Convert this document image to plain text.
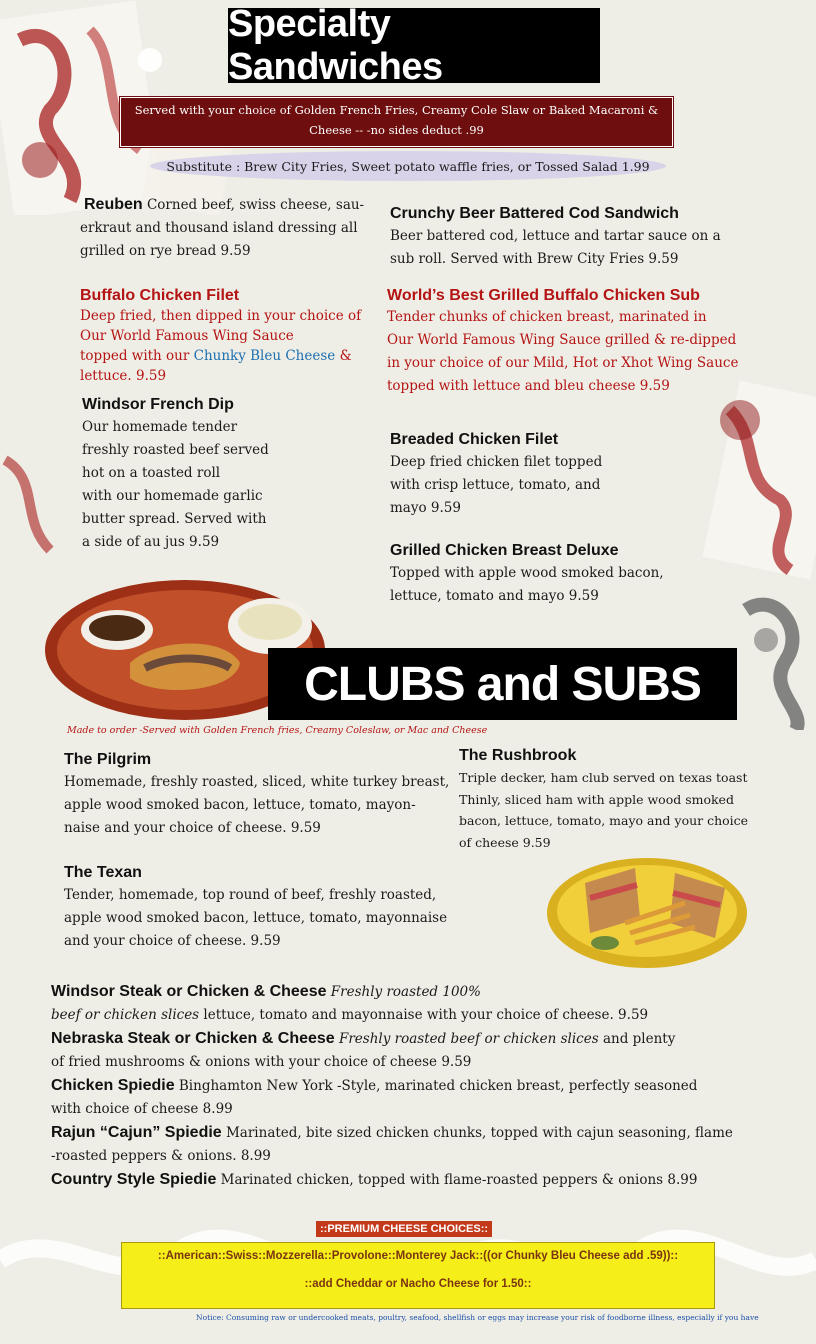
Specialty Sandwiches
Served with your choice of Golden French Fries, Creamy Cole Slaw or Baked Macaroni &
Cheese -- -no sides deduct .99
Substitute : Brew City Fries, Sweet potato waffle fries, or Tossed Salad 1.99
Reuben Corned beef, swiss cheese, sau-
erkraut and thousand island dressing all
grilled on rye bread 9.59
Crunchy Beer Battered Cod Sandwich
Beer battered cod, lettuce and tartar sauce on a
sub roll. Served with Brew City Fries 9.59
Buffalo Chicken Filet
Deep fried, then dipped in your choice of
Our World Famous Wing Sauce
topped with our Chunky Bleu Cheese &
lettuce. 9.59
World’s Best Grilled Buffalo Chicken Sub
Tender chunks of chicken breast, marinated in
Our World Famous Wing Sauce grilled & re-dipped
in your choice of our Mild, Hot or Xhot Wing Sauce
topped with lettuce and bleu cheese 9.59
Windsor French Dip
Our homemade tender
freshly roasted beef served
hot on a toasted roll
with our homemade garlic
butter spread. Served with
a side of au jus 9.59
Breaded Chicken Filet
Deep fried chicken filet topped
with crisp lettuce, tomato, and
mayo 9.59
Grilled Chicken Breast Deluxe
Topped with apple wood smoked bacon,
lettuce, tomato and mayo 9.59
CLUBS and SUBS
Made to order -Served with Golden French fries, Creamy Coleslaw, or Mac and Cheese
The Pilgrim
Homemade, freshly roasted, sliced, white turkey breast,
apple wood smoked bacon, lettuce, tomato, mayon-
naise and your choice of cheese. 9.59
The Rushbrook
Triple decker, ham club served on texas toast
Thinly, sliced ham with apple wood smoked
bacon, lettuce, tomato, mayo and your choice
of cheese 9.59
The Texan
Tender, homemade, top round of beef, freshly roasted,
apple wood smoked bacon, lettuce, tomato, mayonnaise
and your choice of cheese. 9.59
Windsor Steak or Chicken & Cheese Freshly roasted 100%
beef or chicken slices lettuce, tomato and mayonnaise with your choice of cheese. 9.59
Nebraska Steak or Chicken & Cheese Freshly roasted beef or chicken slices and plenty
of fried mushrooms & onions with your choice of cheese 9.59
Chicken Spiedie Binghamton New York -Style, marinated chicken breast, perfectly seasoned
with choice of cheese 8.99
Rajun “Cajun” Spiedie Marinated, bite sized chicken chunks, topped with cajun seasoning, flame
-roasted peppers & onions. 8.99
Country Style Spiedie Marinated chicken, topped with flame-roasted peppers & onions 8.99
::PREMIUM CHEESE CHOICES::
::American::Swiss::Mozzerella::Provolone::Monterey Jack::((or Chunky Bleu Cheese add .59))::
::add Cheddar or Nacho Cheese for 1.50::
Notice: Consuming raw or undercooked meats, poultry, seafood, shellfish or eggs may increase your risk of foodborne illness, especially if you have
